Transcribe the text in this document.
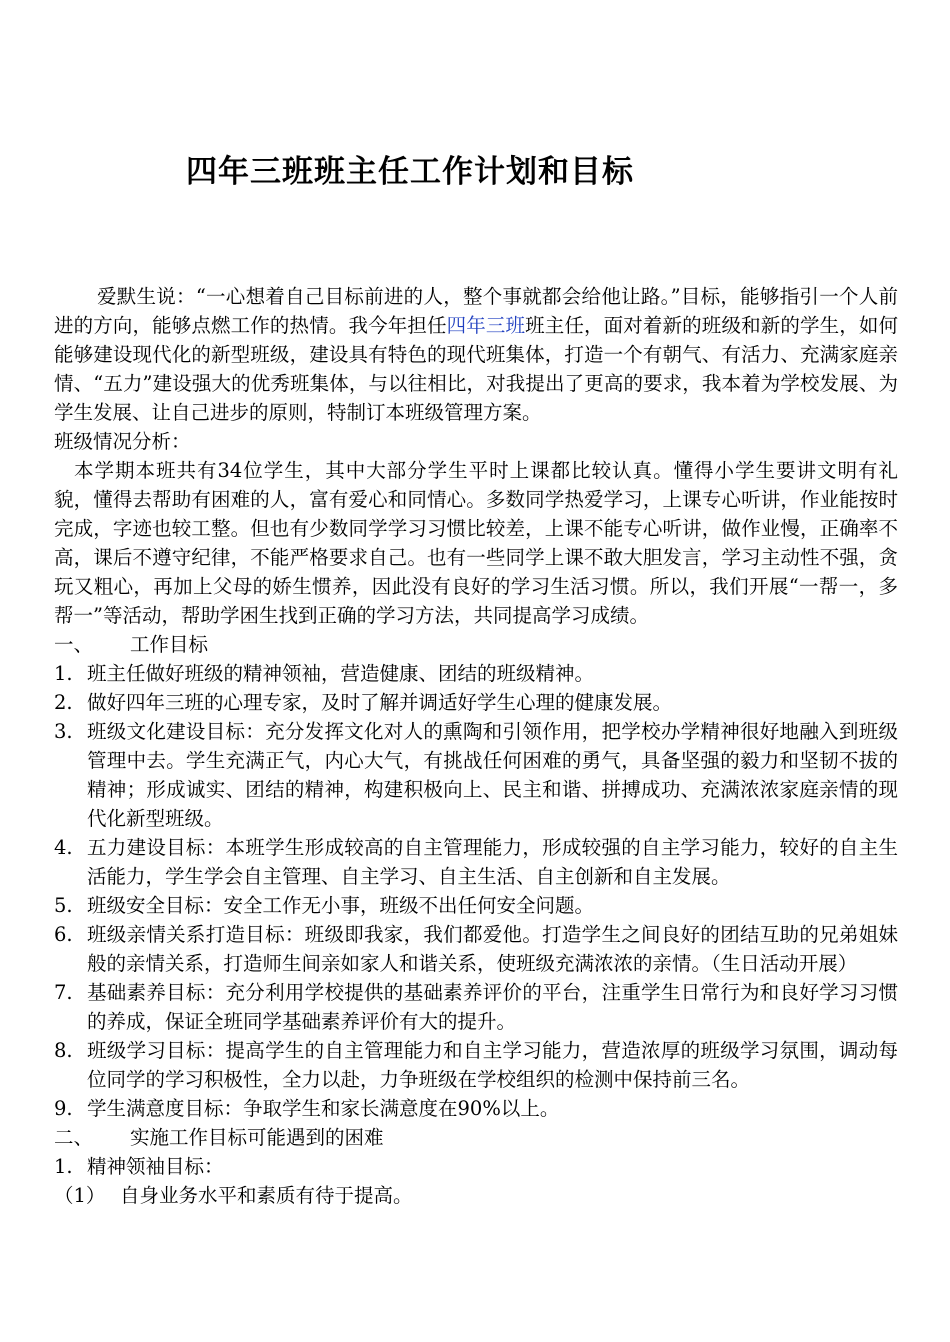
四年三班班主任工作计划和目标

爱默生说：“一心想着自己目标前进的人，整个事就都会给他让路。”目标，能够指引一个人前进的方向，能够点燃工作的热情。我今年担任四年三班班主任，面对着新的班级和新的学生，如何能够建设现代化的新型班级，建设具有特色的现代班集体，打造一个有朝气、有活力、充满家庭亲情、“五力”建设强大的优秀班集体，与以往相比，对我提出了更高的要求，我本着为学校发展、为学生发展、让自己进步的原则，特制订本班级管理方案。

班级情况分析：

本学期本班共有34位学生，其中大部分学生平时上课都比较认真。懂得小学生要讲文明有礼貌，懂得去帮助有困难的人，富有爱心和同情心。多数同学热爱学习，上课专心听讲，作业能按时完成，字迹也较工整。但也有少数同学学习习惯比较差，上课不能专心听讲，做作业慢，正确率不高，课后不遵守纪律，不能严格要求自己。也有一些同学上课不敢大胆发言，学习主动性不强，贪玩又粗心，再加上父母的娇生惯养，因此没有良好的学习生活习惯。所以，我们开展“一帮一，多帮一”等活动，帮助学困生找到正确的学习方法，共同提高学习成绩。

一、	工作目标
1. 班主任做好班级的精神领袖，营造健康、团结的班级精神。
2. 做好四年三班的心理专家，及时了解并调适好学生心理的健康发展。
3. 班级文化建设目标：充分发挥文化对人的熏陶和引领作用，把学校办学精神很好地融入到班级管理中去。学生充满正气，内心大气，有挑战任何困难的勇气，具备坚强的毅力和坚韧不拔的精神；形成诚实、团结的精神，构建积极向上、民主和谐、拼搏成功、充满浓浓家庭亲情的现代化新型班级。
4. 五力建设目标：本班学生形成较高的自主管理能力，形成较强的自主学习能力，较好的自主生活能力，学生学会自主管理、自主学习、自主生活、自主创新和自主发展。
5. 班级安全目标：安全工作无小事，班级不出任何安全问题。
6. 班级亲情关系打造目标：班级即我家，我们都爱他。打造学生之间良好的团结互助的兄弟姐妹般的亲情关系，打造师生间亲如家人和谐关系，使班级充满浓浓的亲情。（生日活动开展）
7. 基础素养目标：充分利用学校提供的基础素养评价的平台，注重学生日常行为和良好学习习惯的养成，保证全班同学基础素养评价有大的提升。
8. 班级学习目标：提高学生的自主管理能力和自主学习能力，营造浓厚的班级学习氛围，调动每位同学的学习积极性，全力以赴，力争班级在学校组织的检测中保持前三名。
9. 学生满意度目标：争取学生和家长满意度在90%以上。
二、	实施工作目标可能遇到的困难
1. 精神领袖目标：
（1） 自身业务水平和素质有待于提高。
